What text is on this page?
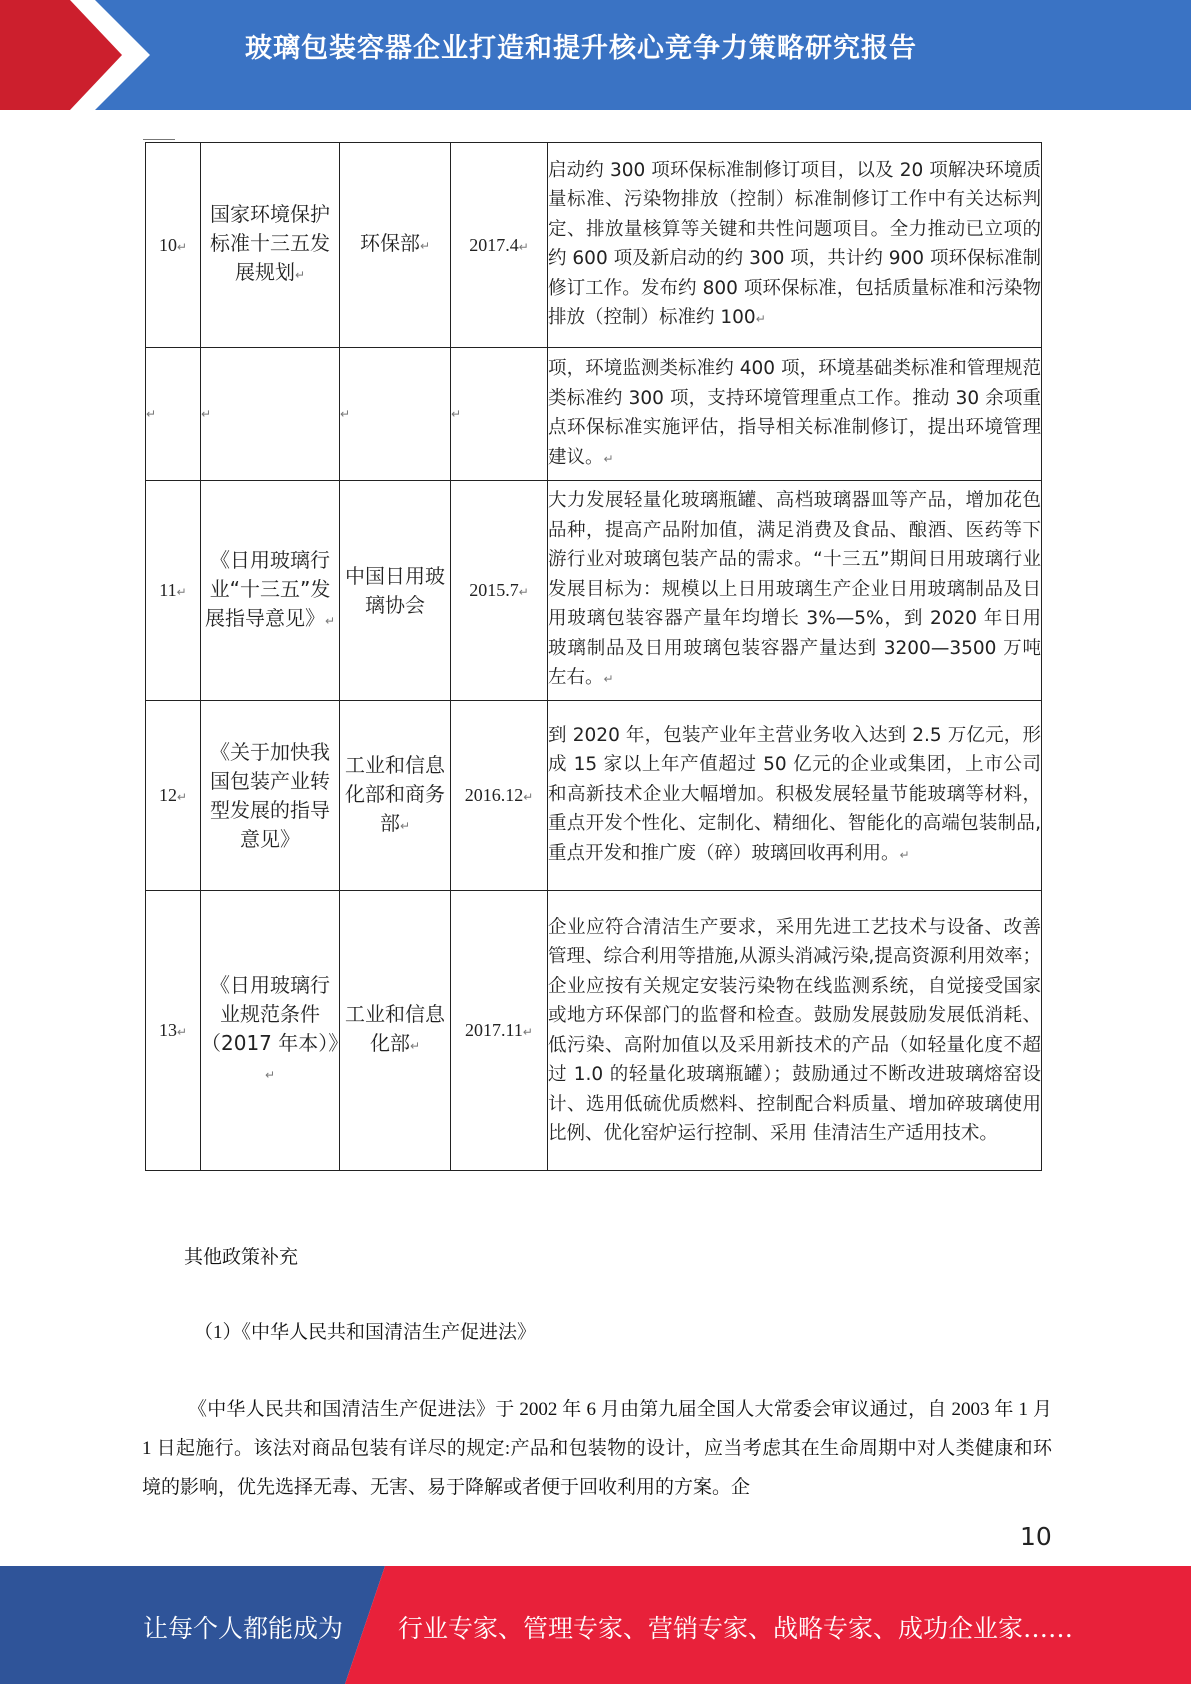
玻璃包装容器企业打造和提升核心竞争力策略研究报告
10↵	国家环境保护标准十三五发展规划↵	环保部↵	2017.4↵	启动约 300 项环保标准制修订项目，以及 20 项解决环境质量标准、污染物排放（控制）标准制修订工作中有关达标判定、排放量核算等关键和共性问题项目。全力推动已立项的约 600 项及新启动的约 300 项，共计约 900 项环保标准制修订工作。发布约 800 项环保标准，包括质量标准和污染物排放（控制）标准约 100↵
↵	↵	↵	↵	项，环境监测类标准约 400 项，环境基础类标准和管理规范类标准约 300 项，支持环境管理重点工作。推动 30 余项重点环保标准实施评估，指导相关标准制修订，提出环境管理建议。↵
11↵	《日用玻璃行业“十三五”发展指导意见》↵	中国日用玻璃协会	2015.7↵	大力发展轻量化玻璃瓶罐、高档玻璃器皿等产品，增加花色品种，提高产品附加值，满足消费及食品、酿酒、医药等下游行业对玻璃包装产品的需求。“十三五”期间日用玻璃行业发展目标为：规模以上日用玻璃生产企业日用玻璃制品及日用玻璃包装容器产量年均增长 3%—5%，到 2020 年日用玻璃制品及日用玻璃包装容器产量达到 3200—3500 万吨左右。↵
12↵	《关于加快我国包装产业转型发展的指导意见》	工业和信息化部和商务部↵	2016.12↵	到 2020 年，包装产业年主营业务收入达到 2.5 万亿元，形成 15 家以上年产值超过 50 亿元的企业或集团，上市公司和高新技术企业大幅增加。积极发展轻量节能玻璃等材料，重点开发个性化、定制化、精细化、智能化的高端包装制品,重点开发和推广废（碎）玻璃回收再利用。↵
13↵	《日用玻璃行业规范条件（2017 年本）》↵	工业和信息化部↵	2017.11↵	企业应符合清洁生产要求，采用先进工艺技术与设备、改善管理、综合利用等措施,从源头消减污染,提高资源利用效率；企业应按有关规定安装污染物在线监测系统，自觉接受国家或地方环保部门的监督和检查。鼓励发展鼓励发展低消耗、低污染、高附加值以及采用新技术的产品（如轻量化度不超过 1.0 的轻量化玻璃瓶罐）；鼓励通过不断改进玻璃熔窑设计、选用低硫优质燃料、控制配合料质量、增加碎玻璃使用比例、优化窑炉运行控制、采用 佳清洁生产适用技术。
其他政策补充
（1）《中华人民共和国清洁生产促进法》
《中华人民共和国清洁生产促进法》于 2002 年 6 月由第九届全国人大常委会审议通过，自 2003 年 1 月 1 日起施行。该法对商品包装有详尽的规定:产品和包装物的设计，应当考虑其在生命周期中对人类健康和环境的影响，优先选择无毒、无害、易于降解或者便于回收利用的方案。企
10
让每个人都能成为 行业专家、管理专家、营销专家、战略专家、成功企业家……
